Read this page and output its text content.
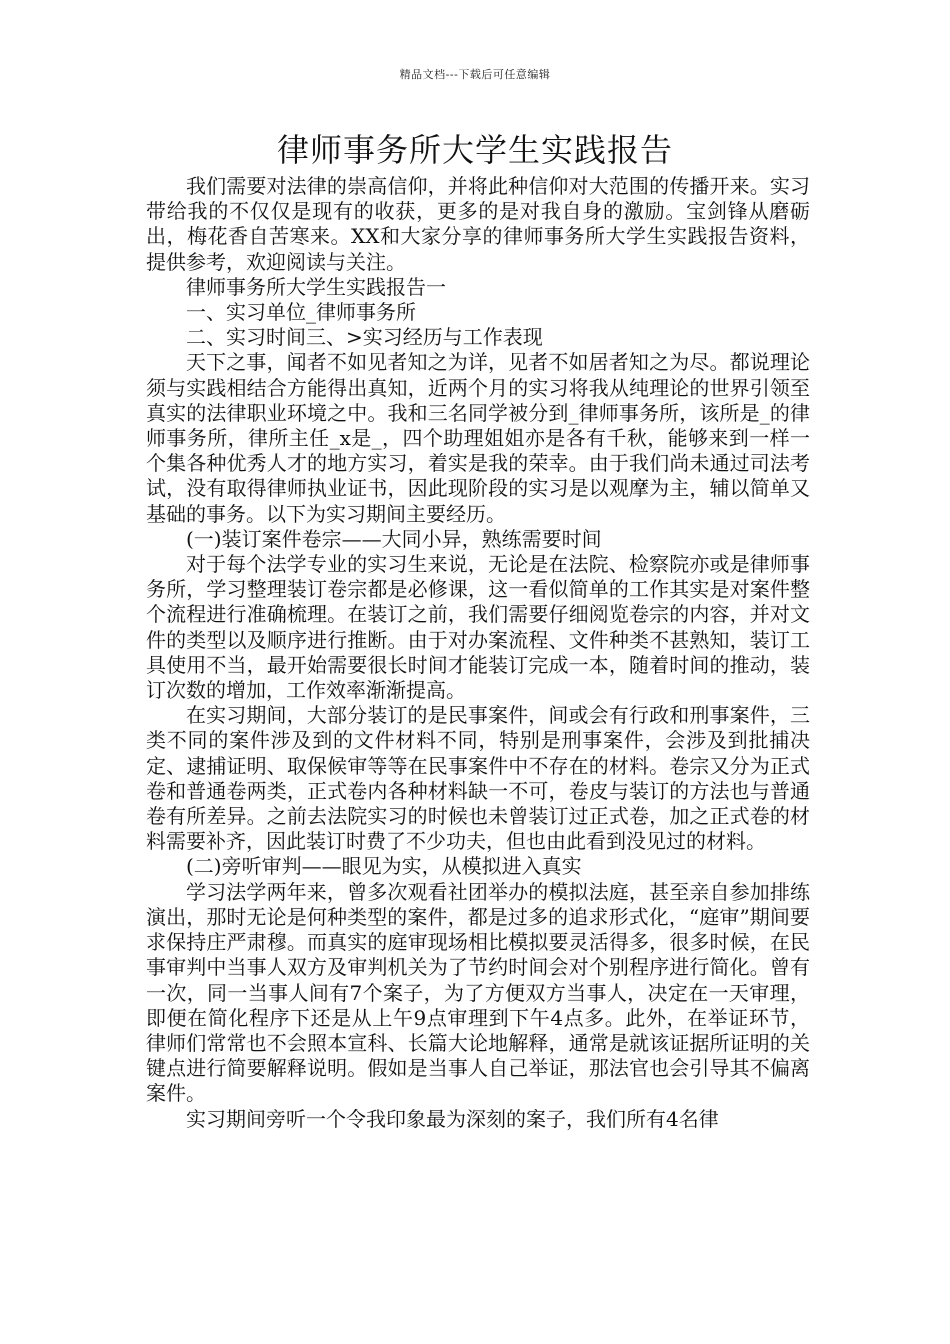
精品文档---下载后可任意编辑
律师事务所大学生实践报告

我们需要对法律的崇高信仰，并将此种信仰对大范围的传播开来。实习带给我的不仅仅是现有的收获，更多的是对我自身的激励。宝剑锋从磨砺出，梅花香自苦寒来。XX和大家分享的律师事务所大学生实践报告资料，提供参考，欢迎阅读与关注。

律师事务所大学生实践报告一

一、实习单位_律师事务所

二、实习时间三、>实习经历与工作表现

天下之事，闻者不如见者知之为详，见者不如居者知之为尽。都说理论须与实践相结合方能得出真知，近两个月的实习将我从纯理论的世界引领至真实的法律职业环境之中。我和三名同学被分到_律师事务所，该所是_的律师事务所，律所主任_x是_，四个助理姐姐亦是各有千秋，能够来到一样一个集各种优秀人才的地方实习，着实是我的荣幸。由于我们尚未通过司法考试，没有取得律师执业证书，因此现阶段的实习是以观摩为主，辅以简单又基础的事务。以下为实习期间主要经历。

(一)装订案件卷宗——大同小异，熟练需要时间

对于每个法学专业的实习生来说，无论是在法院、检察院亦或是律师事务所，学习整理装订卷宗都是必修课，这一看似简单的工作其实是对案件整个流程进行准确梳理。在装订之前，我们需要仔细阅览卷宗的内容，并对文件的类型以及顺序进行推断。由于对办案流程、文件种类不甚熟知，装订工具使用不当，最开始需要很长时间才能装订完成一本，随着时间的推动，装订次数的增加，工作效率渐渐提高。

在实习期间，大部分装订的是民事案件，间或会有行政和刑事案件，三类不同的案件涉及到的文件材料不同，特别是刑事案件，会涉及到批捕决定、逮捕证明、取保候审等等在民事案件中不存在的材料。卷宗又分为正式卷和普通卷两类，正式卷内各种材料缺一不可，卷皮与装订的方法也与普通卷有所差异。之前去法院实习的时候也未曾装订过正式卷，加之正式卷的材料需要补齐，因此装订时费了不少功夫，但也由此看到没见过的材料。

(二)旁听审判——眼见为实，从模拟进入真实

学习法学两年来，曾多次观看社团举办的模拟法庭，甚至亲自参加排练演出，那时无论是何种类型的案件，都是过多的追求形式化，“庭审”期间要求保持庄严肃穆。而真实的庭审现场相比模拟要灵活得多，很多时候，在民事审判中当事人双方及审判机关为了节约时间会对个别程序进行简化。曾有一次，同一当事人间有7个案子，为了方便双方当事人，决定在一天审理，即便在简化程序下还是从上午9点审理到下午4点多。此外，在举证环节，律师们常常也不会照本宣科、长篇大论地解释，通常是就该证据所证明的关键点进行简要解释说明。假如是当事人自己举证，那法官也会引导其不偏离案件。

实习期间旁听一个令我印象最为深刻的案子，我们所有4名律
